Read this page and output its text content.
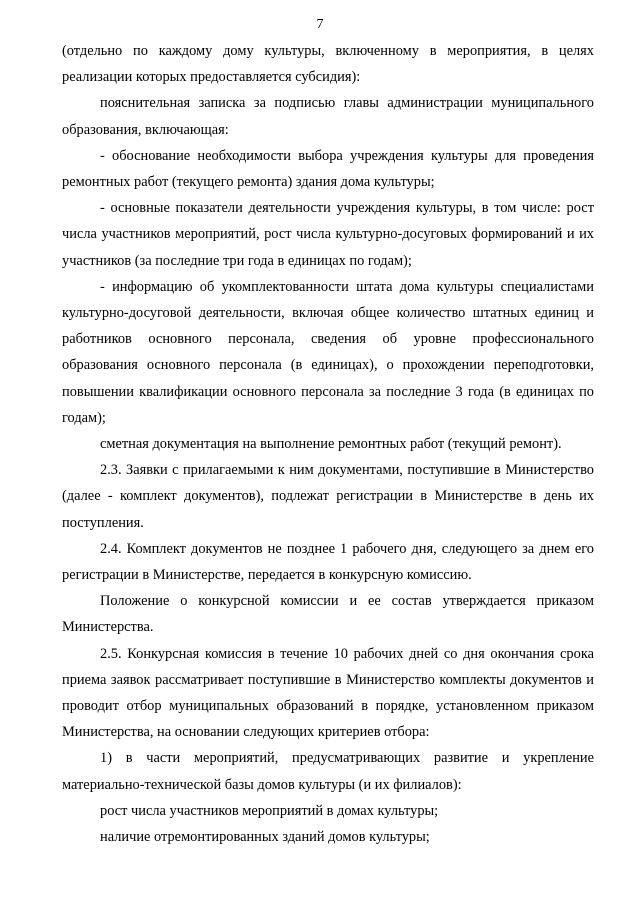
7

(отдельно по каждому дому культуры, включенному в мероприятия, в целях реализации которых предоставляется субсидия):

пояснительная записка за подписью главы администрации муниципального образования, включающая:

- обоснование необходимости выбора учреждения культуры для проведения ремонтных работ (текущего ремонта) здания дома культуры;

- основные показатели деятельности учреждения культуры, в том числе: рост числа участников мероприятий, рост числа культурно-досуговых формирований и их участников (за последние три года в единицах по годам);

- информацию об укомплектованности штата дома культуры специалистами культурно-досуговой деятельности, включая общее количество штатных единиц и работников основного персонала, сведения об уровне профессионального образования основного персонала (в единицах), о прохождении переподготовки, повышении квалификации основного персонала за последние 3 года (в единицах по годам);

сметная документация на выполнение ремонтных работ (текущий ремонт).

2.3. Заявки с прилагаемыми к ним документами, поступившие в Министерство (далее - комплект документов), подлежат регистрации в Министерстве в день их поступления.

2.4. Комплект документов не позднее 1 рабочего дня, следующего за днем его регистрации в Министерстве, передается в конкурсную комиссию.

Положение о конкурсной комиссии и ее состав утверждается приказом Министерства.

2.5. Конкурсная комиссия в течение 10 рабочих дней со дня окончания срока приема заявок рассматривает поступившие в Министерство комплекты документов и проводит отбор муниципальных образований в порядке, установленном приказом Министерства, на основании следующих критериев отбора:

1) в части мероприятий, предусматривающих развитие и укрепление материально-технической базы домов культуры (и их филиалов):

рост числа участников мероприятий в домах культуры;

наличие отремонтированных зданий домов культуры;
